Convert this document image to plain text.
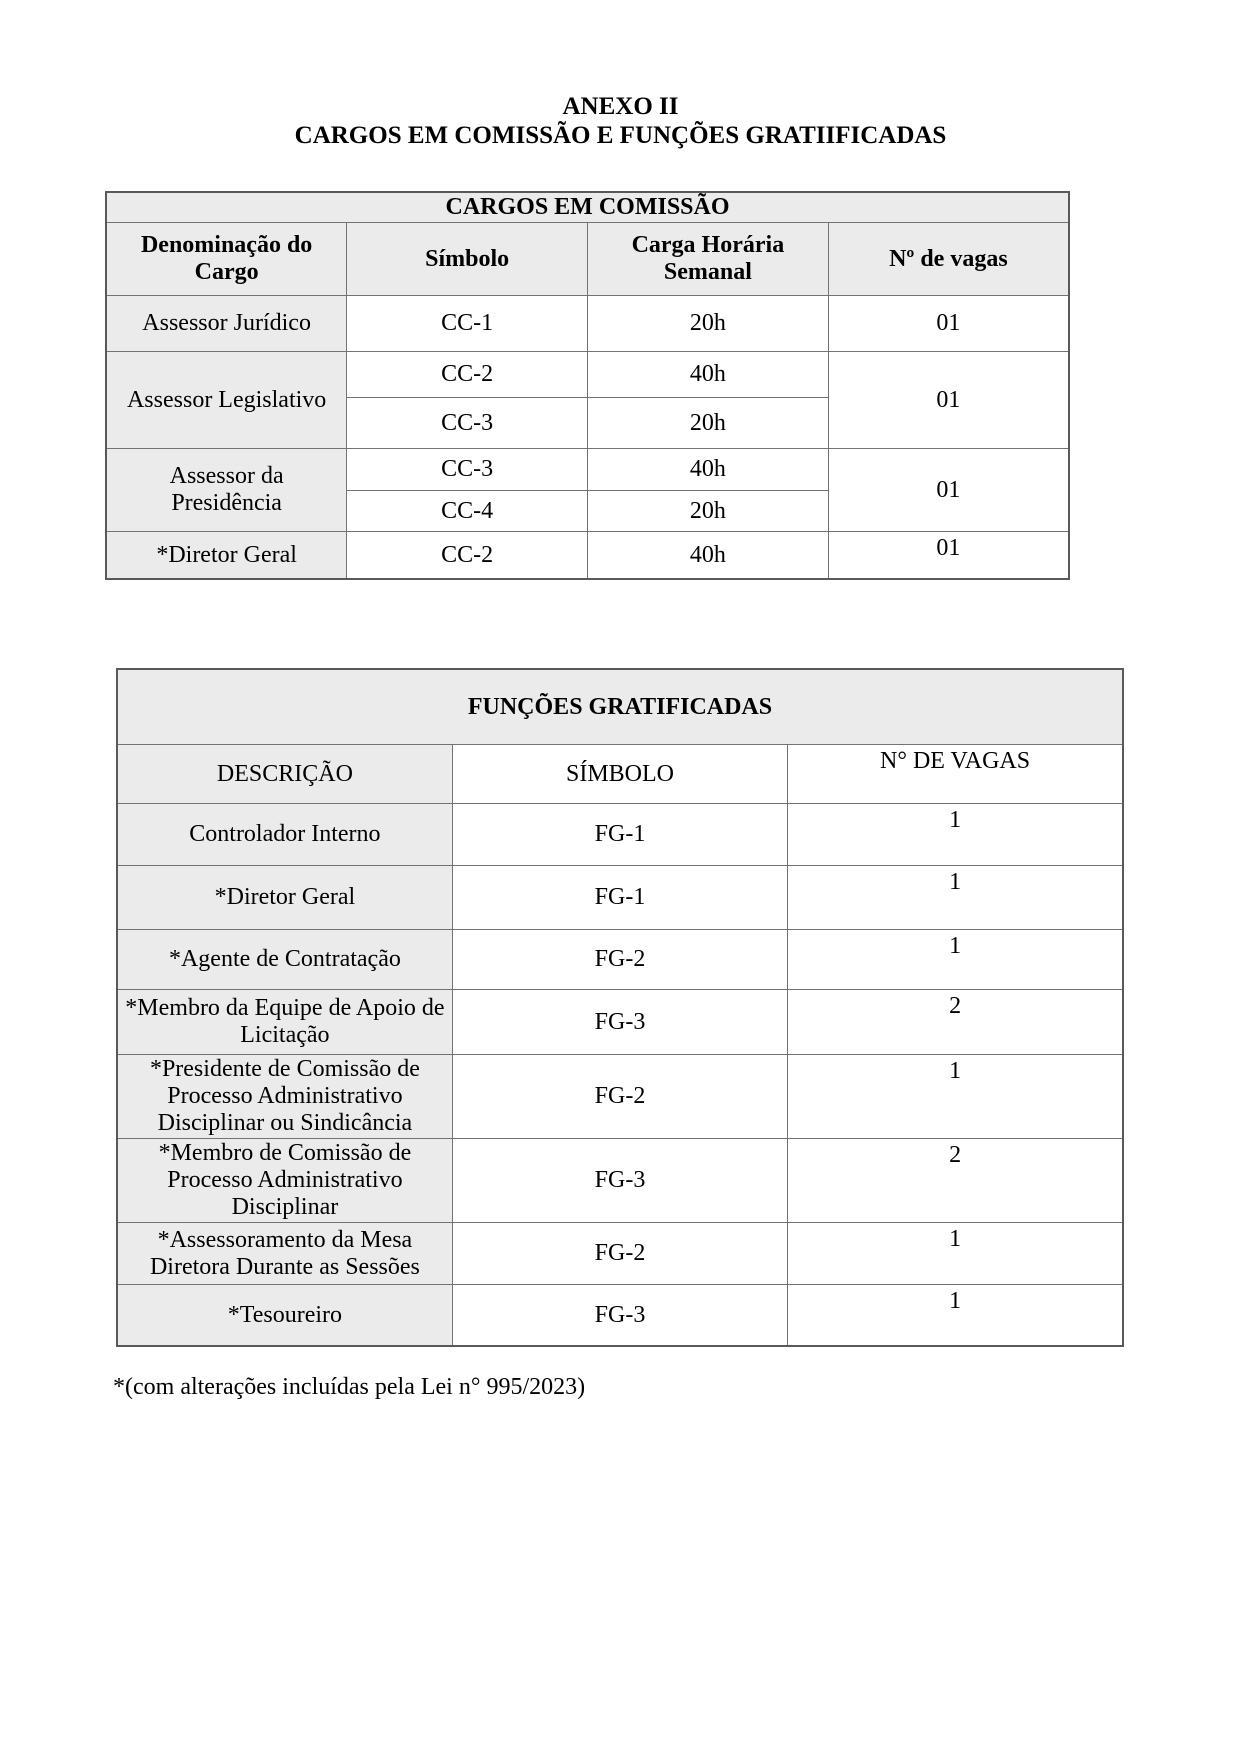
ANEXO II
CARGOS EM COMISSÃO E FUNÇÕES GRATIIFICADAS
CARGOS EM COMISSÃO			
Denominação do Cargo	Símbolo	Carga Horária Semanal	Nº de vagas
Assessor Jurídico	CC-1	20h	01
Assessor Legislativo	CC-2	40h	01
	CC-3	20h	
Assessor da Presidência	CC-3	40h	01
	CC-4	20h	
*Diretor Geral	CC-2	40h	01
FUNÇÕES GRATIFICADAS		
DESCRIÇÃO	SÍMBOLO	N° DE VAGAS
Controlador Interno	FG-1	1
*Diretor Geral	FG-1	1
*Agente de Contratação	FG-2	1
*Membro da Equipe de Apoio de Licitação	FG-3	2
*Presidente de Comissão de Processo Administrativo Disciplinar ou Sindicância	FG-2	1
*Membro de Comissão de Processo Administrativo Disciplinar	FG-3	2
*Assessoramento da Mesa Diretora Durante as Sessões	FG-2	1
*Tesoureiro	FG-3	1
*(com alterações incluídas pela Lei n° 995/2023)
